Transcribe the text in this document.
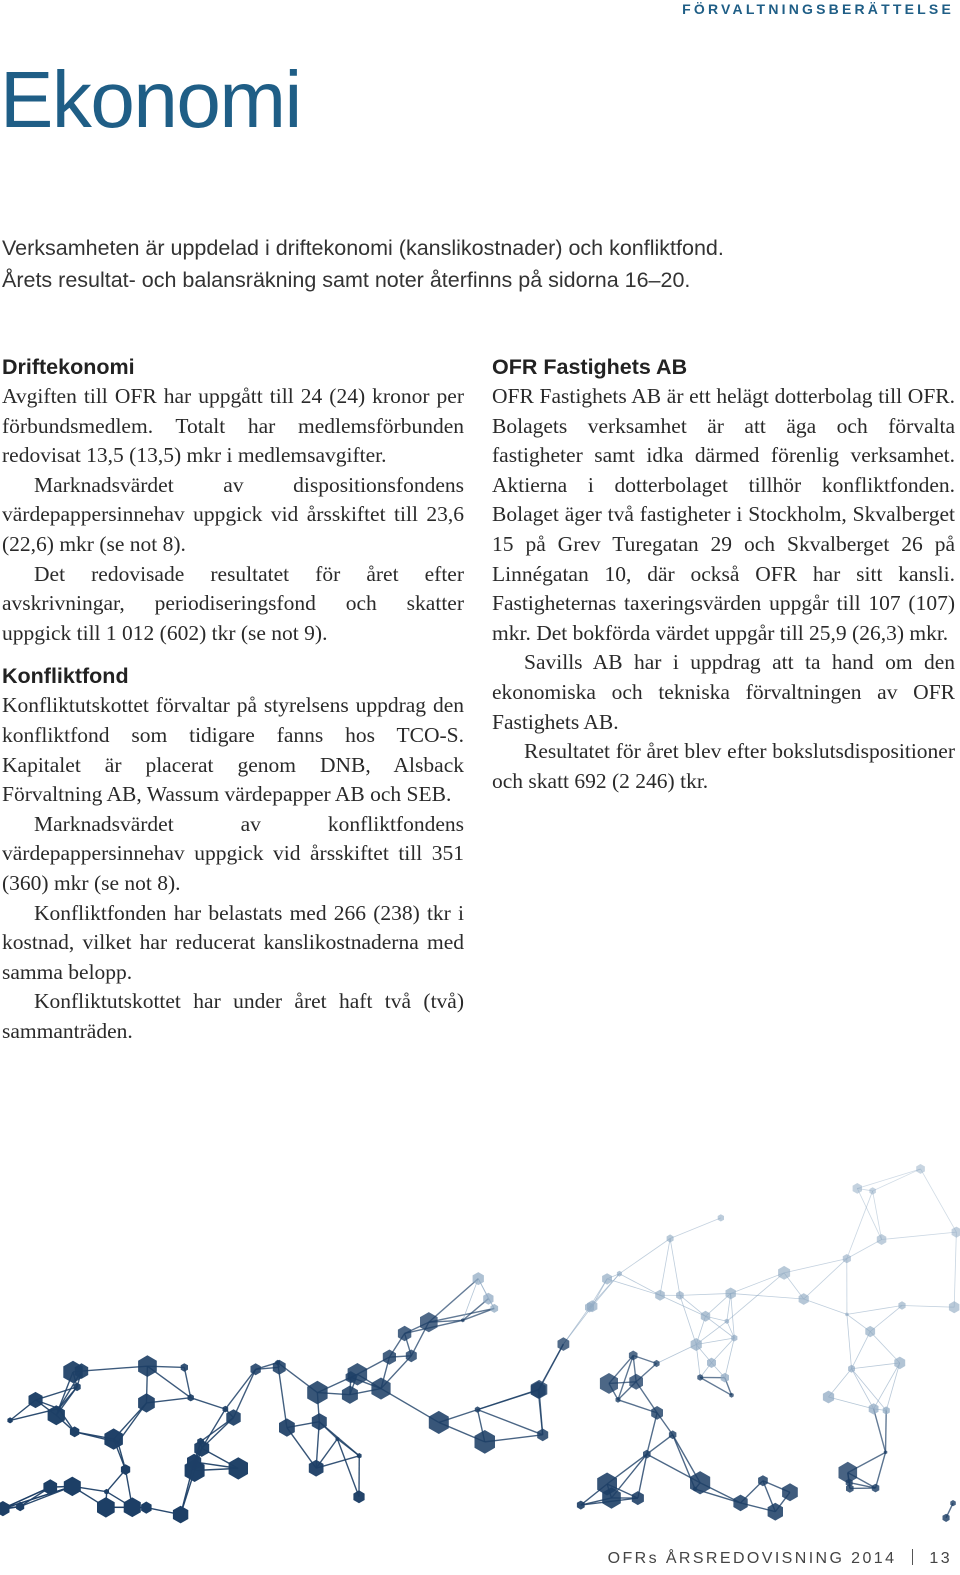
FÖRVALTNINGSBERÄTTELSE
Ekonomi

Verksamheten är uppdelad i driftekonomi (kanslikostnader) och konfliktfond.

Årets resultat- och balansräkning samt noter återfinns på sidorna 16–20.

Driftekonomi

Avgiften till OFR har uppgått till 24 (24) kronor per förbundsmedlem. Totalt har medlemsförbunden redovisat 13,5 (13,5) mkr i medlemsavgifter.

Marknadsvärdet av dispositionsfondens värdepappersinnehav uppgick vid årsskiftet till 23,6 (22,6) mkr (se not 8).

Det redovisade resultatet för året efter avskrivningar, periodiseringsfond och skatter uppgick till 1 012 (602) tkr (se not 9).

Konfliktfond

Konfliktutskottet förvaltar på styrelsens uppdrag den konfliktfond som tidigare fanns hos TCO-S. Kapitalet är placerat genom DNB, Alsback Förvaltning AB, Wassum värdepapper AB och SEB.

Marknadsvärdet av konfliktfondens värdepappersinnehav uppgick vid årsskiftet till 351 (360) mkr (se not 8).

Konfliktfonden har belastats med 266 (238) tkr i kostnad, vilket har reducerat kanslikostnaderna med samma belopp.

Konfliktutskottet har under året haft två (två) sammanträden.

OFR Fastighets AB

OFR Fastighets AB är ett helägt dotterbolag till OFR. Bolagets verksamhet är att äga och förvalta fastigheter samt idka därmed förenlig verksamhet. Aktierna i dotterbolaget tillhör konfliktfonden. Bolaget äger två fastigheter i Stockholm, Skvalberget 15 på Grev Turegatan 29 och Skvalberget 26 på Linnégatan 10, där också OFR har sitt kansli. Fastigheternas taxeringsvärden uppgår till 107 (107) mkr. Det bokförda värdet uppgår till 25,9 (26,3) mkr.

Savills AB har i uppdrag att ta hand om den ekonomiska och tekniska förvaltningen av OFR Fastighets AB.

Resultatet för året blev efter bokslutsdispositioner och skatt 692 (2 246) tkr.

OFRs ÅRSREDOVISNING 2014 13
